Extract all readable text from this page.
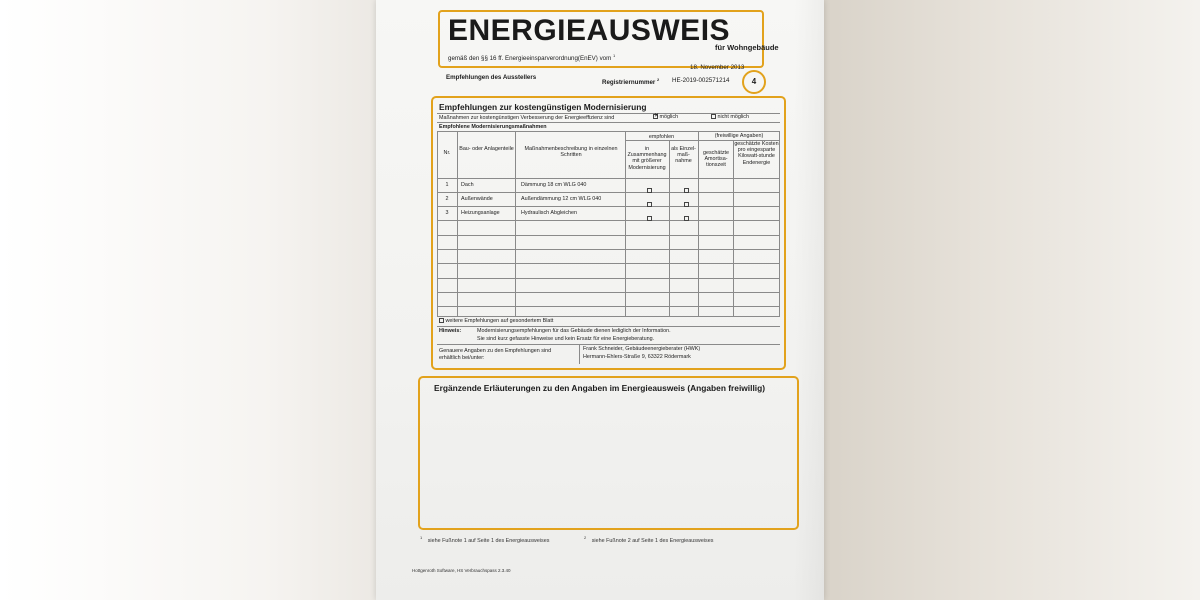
ENERGIEAUSWEIS
für Wohngebäude
gemäß den §§ 16 ff. Energieeinsparverordnung(EnEV) vom $^1$
18. November 2013
Empfehlungen des Ausstellers
Registriernummer $^2$ HE-2019-002571214	4
Empfehlungen zur kostengünstigen Modernisierung
Maßnahmen zur kostengünstigen Verbesserung der Energieeffizienz sind	✕ möglich	nicht möglich
Empfohlene Modernisierungsmaßnahmen
Nr.
Bau- oder Anlagenteile	Maßnahmenbeschreibung in einzelnen Schritten
empfohlen
in Zusammenhang mit größerer Modernisierung
als Einzel-maß-nahme
(freiwillige Angaben)
geschätzte Amortisa-tionszeit
geschätzte Kosten pro eingesparte Kilowatt-stunde Endenergie
1	Dach	Dämmung 18 cm WLG 040
2	Außenwände	Außendämmung 12 cm WLG 040
3	Heizungsanlage	Hydraulisch Abgleichen
weitere Empfehlungen auf gesondertem Blatt
Hinweis:	Modernisierungsempfehlungen für das Gebäude dienen lediglich der Information.
Sie sind kurz gefasste Hinweise und kein Ersatz für eine Energieberatung.
Genauere Angaben zu den Empfehlungen sind
erhältlich bei/unter:
Frank Schneider, Gebäudeenergieberater (HWK)
Hermann-Ehlers-Straße 9, 63322 Rödermark
Ergänzende Erläuterungen zu den Angaben im Energieausweis (Angaben freiwillig)
$^1$ siehe Fußnote 1 auf Seite 1 des Energieausweises
$^2$ siehe Fußnote 2 auf Seite 1 des Energieausweises
Hottgenroth Software, HS Verbrauchspass 2.3.40
